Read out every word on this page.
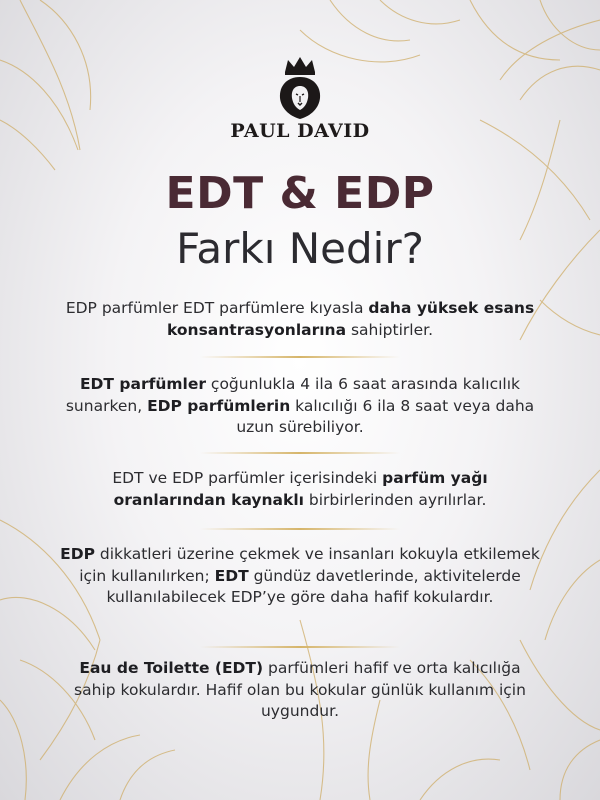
PAUL DAVID
EDT & EDP
Farkı Nedir?
EDP parfümler EDT parfümlere kıyasla daha yüksek esans konsantrasyonlarına sahiptirler.
EDT parfümler çoğunlukla 4 ila 6 saat arasında kalıcılık sunarken, EDP parfümlerin kalıcılığı 6 ila 8 saat veya daha uzun sürebiliyor.
EDT ve EDP parfümler içerisindeki parfüm yağı oranlarından kaynaklı birbirlerinden ayrılırlar.
EDP dikkatleri üzerine çekmek ve insanları kokuyla etkilemek için kullanılırken; EDT gündüz davetlerinde, aktivitelerde kullanılabilecek EDP’ye göre daha hafif kokulardır.
Eau de Toilette (EDT) parfümleri hafif ve orta kalıcılığa sahip kokulardır. Hafif olan bu kokular günlük kullanım için uygundur.
